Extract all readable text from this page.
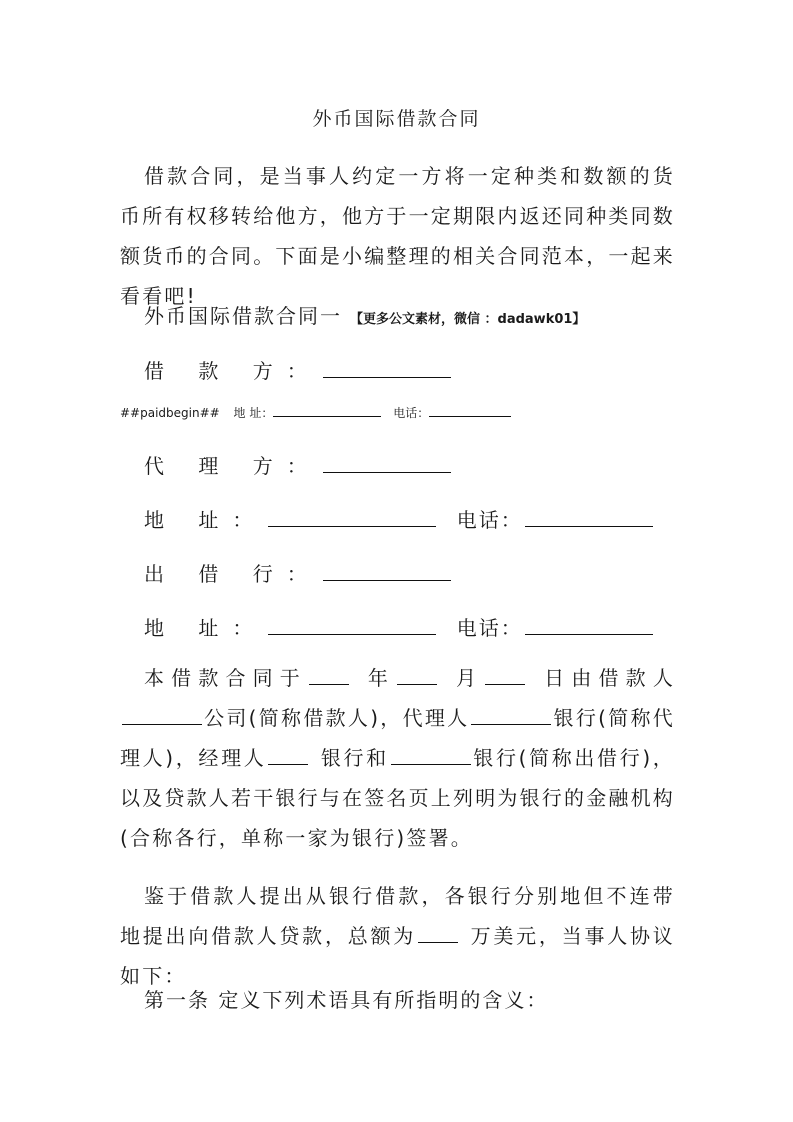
外币国际借款合同
借款合同，是当事人约定一方将一定种类和数额的货币所有权移转给他方，他方于一定期限内返还同种类同数额货币的合同。下面是小编整理的相关合同范本，一起来看看吧!
外币国际借款合同一 【更多公文素材，微信 ：dadawk01】
借 款 方：
##paidbegin## 地 址：	电话：
代 理 方：
地 址：	电话：
出 借 行：
地 址：	电话：
本借款合同于	年	月	日由借款人公司(简称借款人)，代理人	银行(简称代理人)，经理人	银行和	银行(简称出借行)，以及贷款人若干银行与在签名页上列明为银行的金融机构(合称各行，单称一家为银行)签署。
鉴于借款人提出从银行借款，各银行分别地但不连带地提出向借款人贷款，总额为	万美元，当事人协议如下：
第一条 定义下列术语具有所指明的含义：
